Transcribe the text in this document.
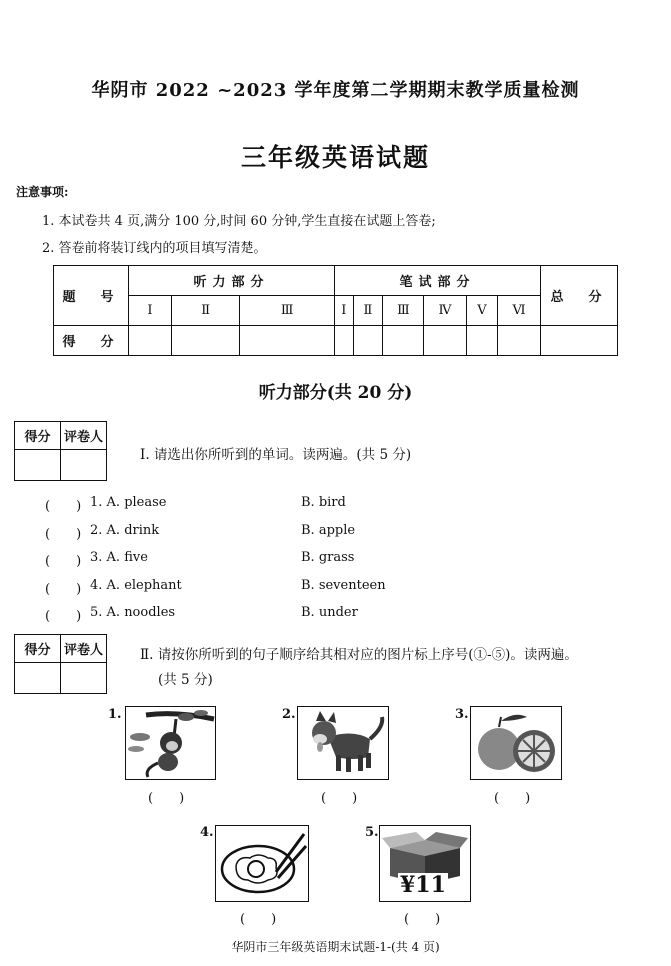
华阴市 2022 ~2023 学年度第二学期期末教学质量检测
三年级英语试题
注意事项:
1. 本试卷共 4 页,满分 100 分,时间 60 分钟,学生直接在试题上答卷;
2. 答卷前将装订线内的项目填写清楚。
题　号	听力部分			笔试部分						总　分
	Ⅰ	Ⅱ	Ⅲ	Ⅰ	Ⅱ	Ⅲ	Ⅳ	Ⅴ	Ⅵ	
得　分										
听力部分(共 20 分)
得分	评卷人

Ⅰ. 请选出你所听到的单词。读两遍。(共 5 分)
(　　) 1. A. please	B. bird
(　　) 2. A. drink	B. apple
(　　) 3. A. five	B. grass
(　　) 4. A. elephant	B. seventeen
(　　) 5. A. noodles	B. under
得分	评卷人
		Ⅱ. 请按你所听到的句子顺序给其相对应的图片标上序号(①-⑤)。读两遍。
(共 5 分)
1.
(　　)
2.
(　　)
3.
(　　)
4.
(　　)
5.
¥11
(　　)
华阴市三年级英语期末试题-1-(共 4 页)
